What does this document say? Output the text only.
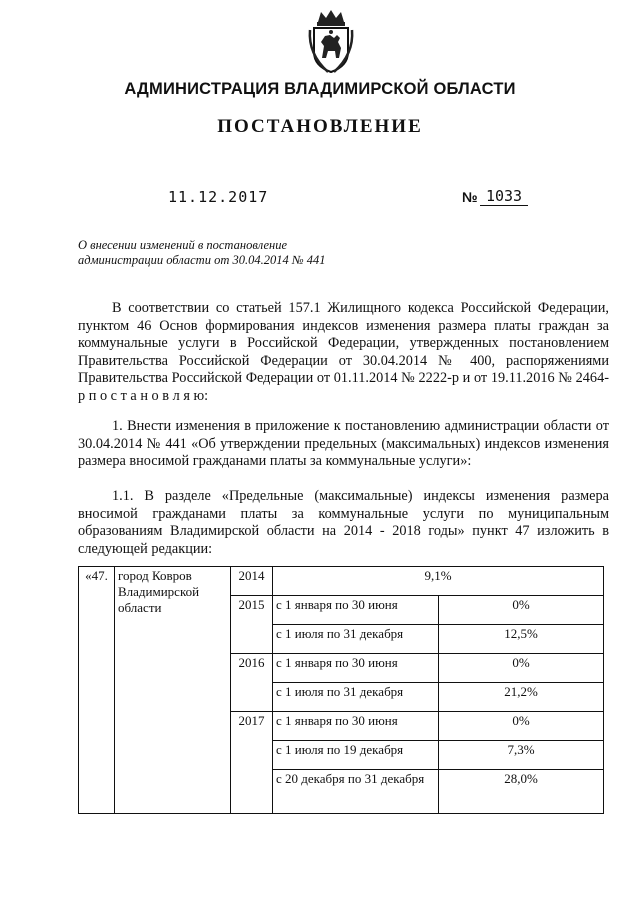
АДМИНИСТРАЦИЯ ВЛАДИМИРСКОЙ ОБЛАСТИ
ПОСТАНОВЛЕНИЕ
11.12.2017	№ 1033
О внесении изменений в постановление
администрации области от 30.04.2014 № 441
В соответствии со статьей 157.1 Жилищного кодекса Российской Федерации, пунктом 46 Основ формирования индексов изменения размера платы граждан за коммунальные услуги в Российской Федерации, утвержденных постановлением Правительства Российской Федерации от 30.04.2014 № 400, распоряжениями Правительства Российской Федерации от 01.11.2014 № 2222-р и от 19.11.2016 № 2464-р п о с т а н о в л я ю:
1. Внести изменения в приложение к постановлению администрации области от 30.04.2014 № 441 «Об утверждении предельных (максимальных) индексов изменения размера вносимой гражданами платы за коммунальные услуги»:
1.1. В разделе «Предельные (максимальные) индексы изменения размера вносимой гражданами платы за коммунальные услуги по муниципальным образованиям Владимирской области на 2014 - 2018 годы» пункт 47 изложить в следующей редакции:
«47.	город Ковров Владимирской области	2014	9,1%	
		2015	с 1 января по 30 июня	0%
			с 1 июля по 31 декабря	12,5%
		2016	с 1 января по 30 июня	0%
			с 1 июля по 31 декабря	21,2%
		2017	с 1 января по 30 июня	0%
			с 1 июля по 19 декабря	7,3%
			с 20 декабря по 31 декабря	28,0%
